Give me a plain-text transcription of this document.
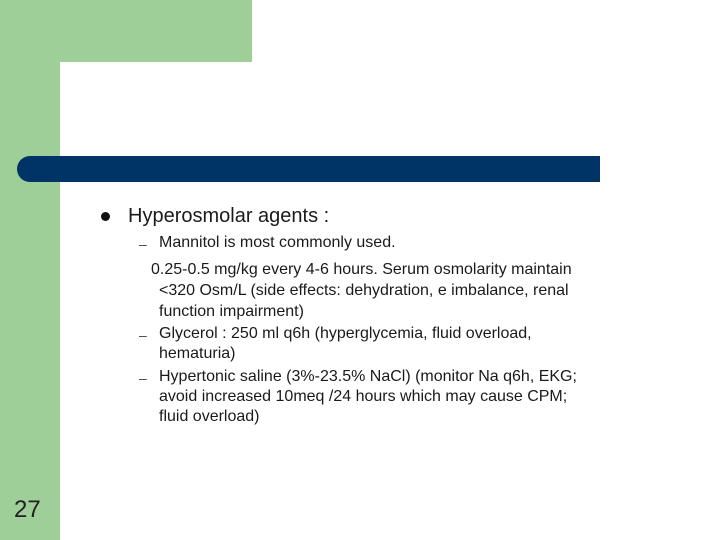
Hyperosmolar agents :
– Mannitol is most commonly used.
0.25-0.5 mg/kg every 4-6 hours. Serum osmolarity maintain
<320 Osm/L (side effects: dehydration, e imbalance, renal
function impairment)
– Glycerol : 250 ml q6h (hyperglycemia, fluid overload,
hematuria)
– Hypertonic saline (3%-23.5% NaCl) (monitor Na q6h, EKG;
avoid increased 10meq /24 hours which may cause CPM;
fluid overload)
27
